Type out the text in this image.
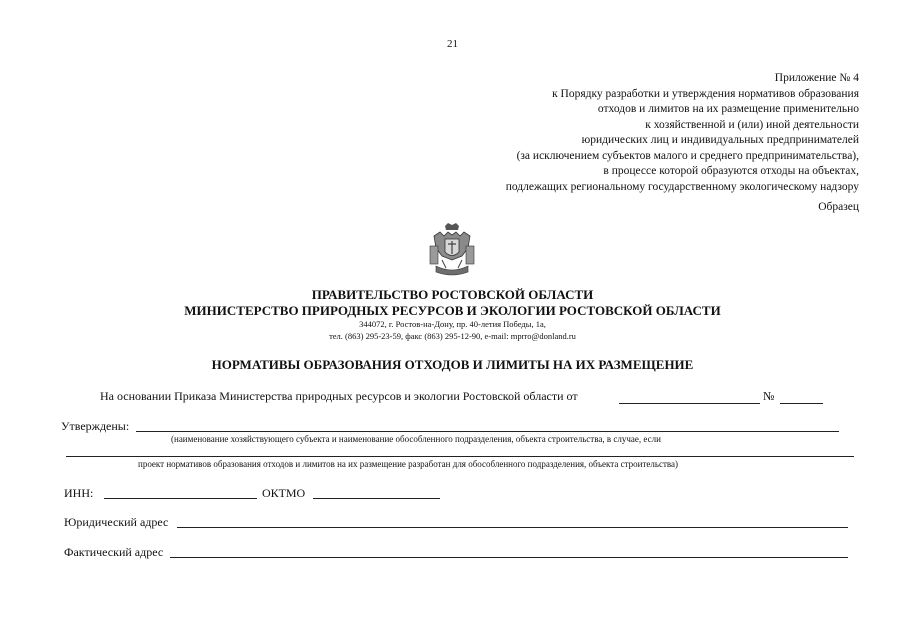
21
Приложение № 4
к Порядку разработки и утверждения нормативов образования
отходов и лимитов на их размещение применительно
к хозяйственной и (или) иной деятельности
юридических лиц и индивидуальных предпринимателей
(за исключением субъектов малого и среднего предпринимательства),
в процессе которой образуются отходы на объектах,
подлежащих региональному государственному экологическому надзору
Образец
ПРАВИТЕЛЬСТВО РОСТОВСКОЙ ОБЛАСТИ
МИНИСТЕРСТВО ПРИРОДНЫХ РЕСУРСОВ И ЭКОЛОГИИ РОСТОВСКОЙ ОБЛАСТИ
344072, г. Ростов-на-Дону, пр. 40-летия Победы, 1а,
тел. (863) 295-23-59, факс (863) 295-12-90, e-mail: mprro@donland.ru
НОРМАТИВЫ ОБРАЗОВАНИЯ ОТХОДОВ И ЛИМИТЫ НА ИХ РАЗМЕЩЕНИЕ
На основании Приказа Министерства природных ресурсов и экологии Ростовской области от	№
Утверждены:
(наименование хозяйствующего субъекта и наименование обособленного подразделения, объекта строительства, в случае, если
проект нормативов образования отходов и лимитов на их размещение разработан для обособленного подразделения, объекта строительства)
ИНН:	ОКТМО
Юридический адрес
Фактический адрес
